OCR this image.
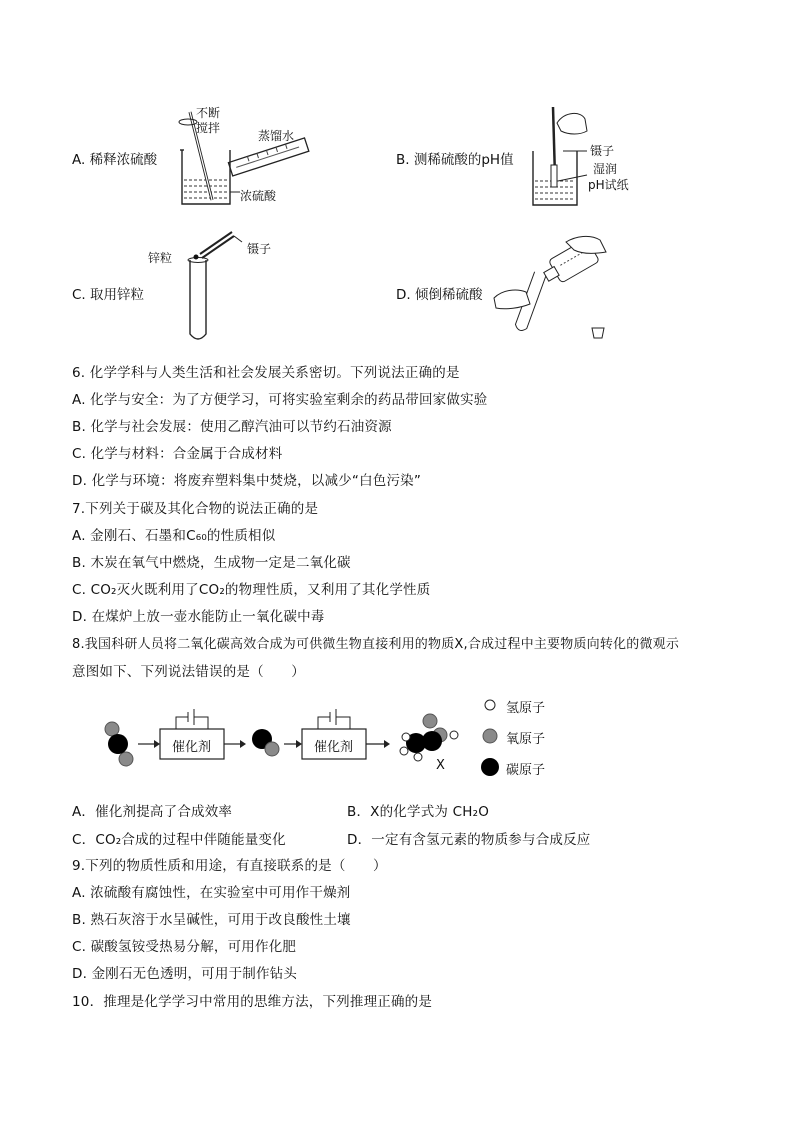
A. 稀释浓硫酸
不断
搅拌
蒸馏水
浓硫酸
B. 测稀硫酸的pH值
镊子
湿润
pH试纸
C. 取用锌粒
锌粒
镊子
D. 倾倒稀硫酸
6. 化学学科与人类生活和社会发展关系密切。下列说法正确的是
A. 化学与安全：为了方便学习，可将实验室剩余的药品带回家做实验
B. 化学与社会发展：使用乙醇汽油可以节约石油资源
C. 化学与材料：合金属于合成材料
D. 化学与环境：将废弃塑料集中焚烧，以减少“白色污染”
7.下列关于碳及其化合物的说法正确的是
A. 金刚石、石墨和C₆₀的性质相似
B. 木炭在氧气中燃烧，生成物一定是二氧化碳
C. CO₂灭火既利用了CO₂的物理性质，又利用了其化学性质
D. 在煤炉上放一壶水能防止一氧化碳中毒
8.我国科研人员将二氧化碳高效合成为可供微生物直接利用的物质X,合成过程中主要物质向转化的微观示
意图如下、下列说法错误的是（　　）
催化剂	催化剂
X
氢原子
氧原子
碳原子
A．催化剂提高了合成效率	B．X的化学式为 CH₂O
C．CO₂合成的过程中伴随能量变化	D．一定有含氢元素的物质参与合成反应
9.下列的物质性质和用途，有直接联系的是（　　）
A. 浓硫酸有腐蚀性，在实验室中可用作干燥剂
B. 熟石灰溶于水呈碱性，可用于改良酸性土壤
C. 碳酸氢铵受热易分解，可用作化肥
D. 金刚石无色透明，可用于制作钻头
10．推理是化学学习中常用的思维方法，下列推理正确的是
